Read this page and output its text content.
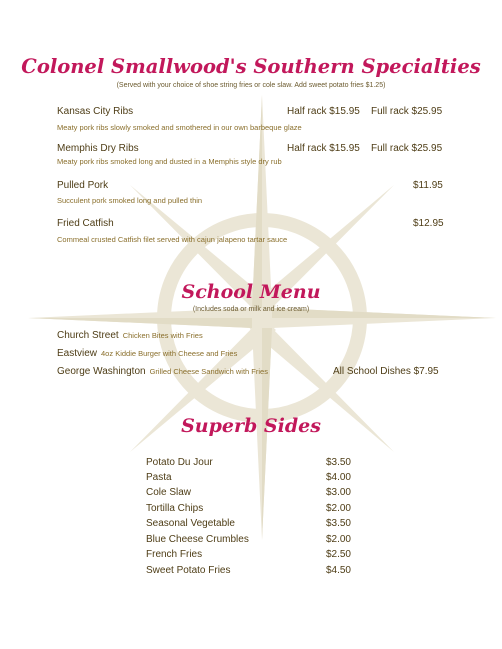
Colonel Smallwood's Southern Specialties
(Served with your choice of shoe string fries or cole slaw. Add sweet potato fries $1.25)
Kansas City Ribs	Half rack $15.95 Full rack $25.95
Meaty pork ribs slowly smoked and smothered in our own barbeque glaze
Memphis Dry Ribs	Half rack $15.95 Full rack $25.95
Meaty pork ribs smoked long and dusted in a Memphis style dry rub
Pulled Pork	$11.95
Succulent pork smoked long and pulled thin
Fried Catfish	$12.95
Commeal crusted Catfish filet served with cajun jalapeno tartar sauce
School Menu
(Includes soda or milk and ice cream)
Church Street Chicken Bites with Fries
Eastview 4oz Kiddie Burger with Cheese and Fries
George Washington Grilled Cheese Sandwich with Fries	All School Dishes $7.95
Superb Sides
Potato Du Jour	$3.50
Pasta	$4.00
Cole Slaw	$3.00
Tortilla Chips	$2.00
Seasonal Vegetable	$3.50
Blue Cheese Crumbles	$2.00
French Fries	$2.50
Sweet Potato Fries	$4.50
